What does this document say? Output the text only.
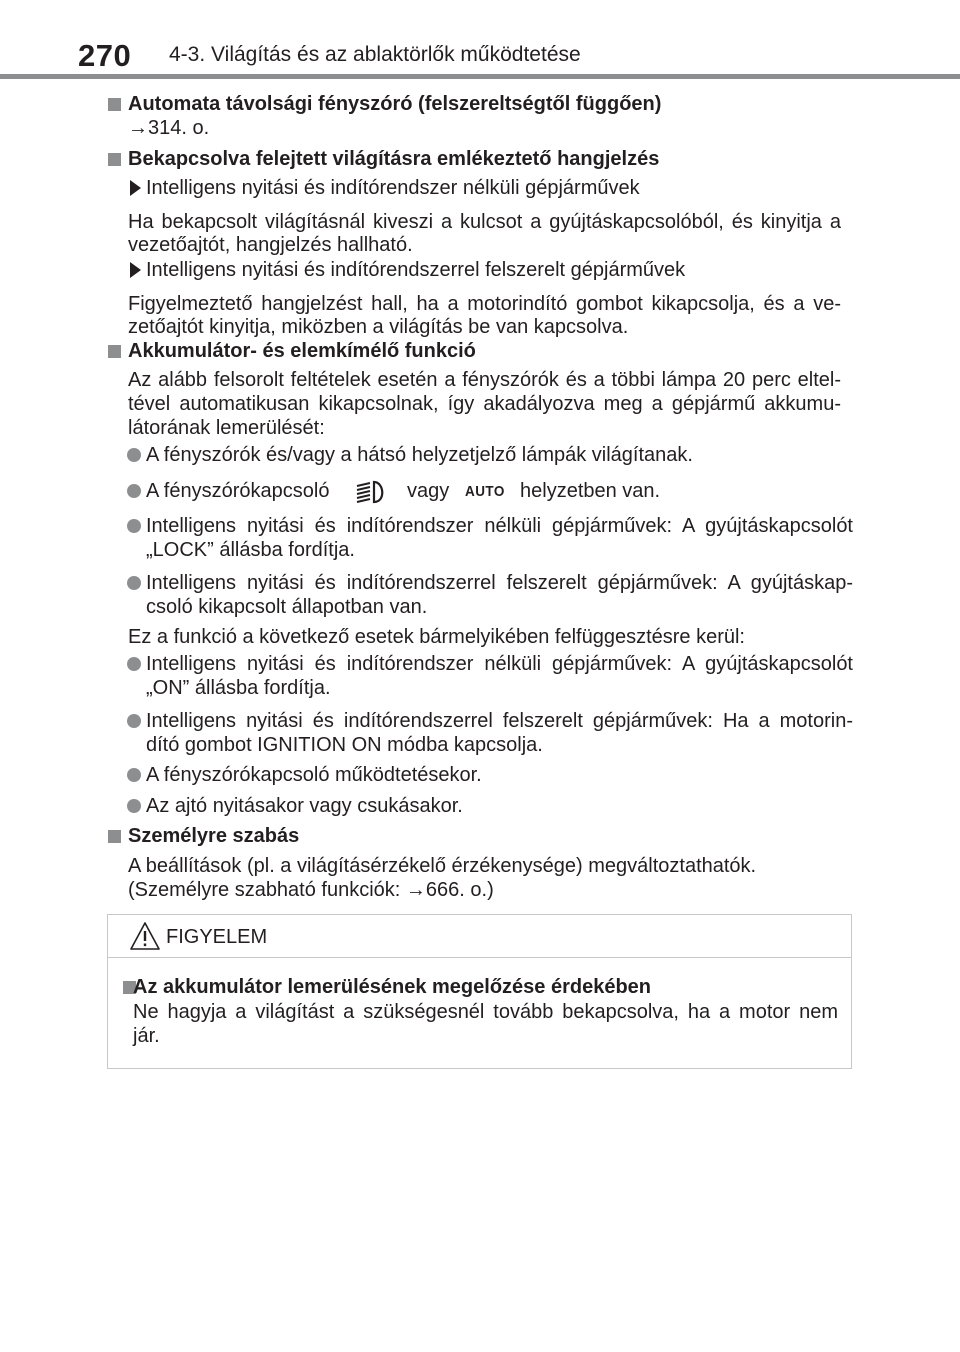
270 4-3. Világítás és az ablaktörlők működtetése
Automata távolsági fényszóró (felszereltségtől függően)
→314. o.
Bekapcsolva felejtett világításra emlékeztető hangjelzés
Intelligens nyitási és indítórendszer nélküli gépjárművek
Ha bekapcsolt világításnál kiveszi a kulcsot a gyújtáskapcsolóból, és kinyitja a
vezetőajtót, hangjelzés hallható.
Intelligens nyitási és indítórendszerrel felszerelt gépjárművek
Figyelmeztető hangjelzést hall, ha a motorindító gombot kikapcsolja, és a ve-
zetőajtót kinyitja, miközben a világítás be van kapcsolva.
Akkumulátor- és elemkímélő funkció
Az alább felsorolt feltételek esetén a fényszórók és a többi lámpa 20 perc eltel-
tével automatikusan kikapcsolnak, így akadályozva meg a gépjármű akkumu-
látorának lemerülését:
A fényszórók és/vagy a hátsó helyzetjelző lámpák világítanak.
A fényszórókapcsoló	vagy AUTO helyzetben van.
Intelligens nyitási és indítórendszer nélküli gépjárművek: A gyújtáskapcsolót
„LOCK” állásba fordítja.
Intelligens nyitási és indítórendszerrel felszerelt gépjárművek: A gyújtáskap-
csoló kikapcsolt állapotban van.
Ez a funkció a következő esetek bármelyikében felfüggesztésre kerül:
Intelligens nyitási és indítórendszer nélküli gépjárművek: A gyújtáskapcsolót
„ON” állásba fordítja.
Intelligens nyitási és indítórendszerrel felszerelt gépjárművek: Ha a motorin-
dító gombot IGNITION ON módba kapcsolja.
A fényszórókapcsoló működtetésekor.
Az ajtó nyitásakor vagy csukásakor.
Személyre szabás
A beállítások (pl. a világításérzékelő érzékenysége) megváltoztathatók.
(Személyre szabható funkciók: →666. o.)
FIGYELEM
Az akkumulátor lemerülésének megelőzése érdekében
Ne hagyja a világítást a szükségesnél tovább bekapcsolva, ha a motor nem
jár.
